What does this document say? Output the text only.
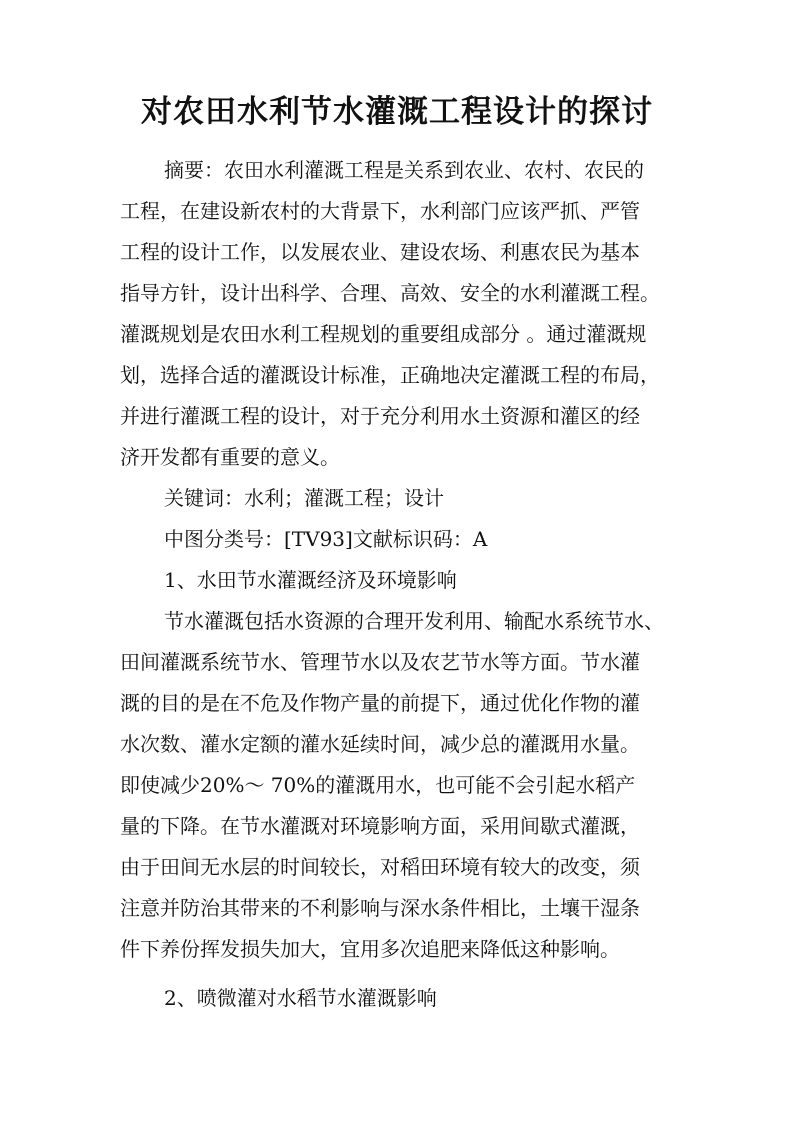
对农田水利节水灌溉工程设计的探讨
摘要：农田水利灌溉工程是关系到农业、农村、农民的
工程，在建设新农村的大背景下，水利部门应该严抓、严管
工程的设计工作，以发展农业、建设农场、利惠农民为基本
指导方针，设计出科学、合理、高效、安全的水利灌溉工程。
灌溉规划是农田水利工程规划的重要组成部分 。通过灌溉规
划，选择合适的灌溉设计标准，正确地决定灌溉工程的布局，
并进行灌溉工程的设计，对于充分利用水土资源和灌区的经
济开发都有重要的意义。
关键词：水利；灌溉工程；设计
中图分类号：[TV93]文献标识码：A
1、水田节水灌溉经济及环境影响
节水灌溉包括水资源的合理开发利用、输配水系统节水、
田间灌溉系统节水、管理节水以及农艺节水等方面。节水灌
溉的目的是在不危及作物产量的前提下，通过优化作物的灌
水次数、灌水定额的灌水延续时间，减少总的灌溉用水量。
即使减少20%～ 70%的灌溉用水，也可能不会引起水稻产
量的下降。在节水灌溉对环境影响方面，采用间歇式灌溉，
由于田间无水层的时间较长，对稻田环境有较大的改变，须
注意并防治其带来的不利影响与深水条件相比，土壤干湿条
件下养份挥发损失加大，宜用多次追肥来降低这种影响。
2、喷微灌对水稻节水灌溉影响
